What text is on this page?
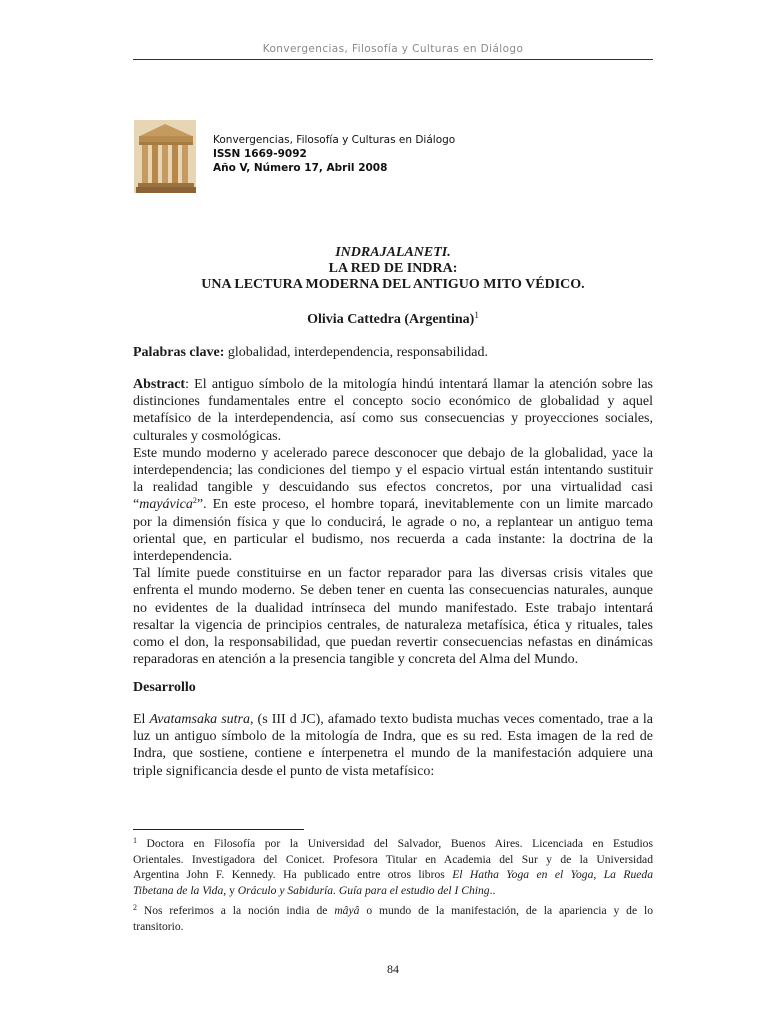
Konvergencias, Filosofía y Culturas en Diálogo
Konvergencias, Filosofía y Culturas en Diálogo
ISSN 1669-9092
Año V, Número 17, Abril 2008
INDRAJALANETI.
LA RED DE INDRA:
UNA LECTURA MODERNA DEL ANTIGUO MITO VÉDICO.
Olivia Cattedra (Argentina)$^1$
Palabras clave: globalidad, interdependencia, responsabilidad.
Abstract: El antiguo símbolo de la mitología hindú intentará llamar la atención sobre las
distinciones fundamentales entre el concepto socio económico de globalidad y aquel
metafísico de la interdependencia, así como sus consecuencias y proyecciones sociales,
culturales y cosmológicas.
Este mundo moderno y acelerado parece desconocer que debajo de la globalidad, yace la
interdependencia; las condiciones del tiempo y el espacio virtual están intentando sustituir
la realidad tangible y descuidando sus efectos concretos, por una virtualidad casi
“mayávica$^2$”. En este proceso, el hombre topará, inevitablemente con un limite marcado
por la dimensión física y que lo conducirá, le agrade o no, a replantear un antiguo tema
oriental que, en particular el budismo, nos recuerda a cada instante: la doctrina de la
interdependencia.
Tal límite puede constituirse en un factor reparador para las diversas crisis vitales que
enfrenta el mundo moderno. Se deben tener en cuenta las consecuencias naturales, aunque
no evidentes de la dualidad intrínseca del mundo manifestado. Este trabajo intentará
resaltar la vigencia de principios centrales, de naturaleza metafísica, ética y rituales, tales
como el don, la responsabilidad, que puedan revertir consecuencias nefastas en dinámicas
reparadoras en atención a la presencia tangible y concreta del Alma del Mundo.
Desarrollo
El Avatamsaka sutra, (s III d JC), afamado texto budista muchas veces comentado, trae a la
luz un antiguo símbolo de la mitología de Indra, que es su red. Esta imagen de la red de
Indra, que sostiene, contiene e ínterpenetra el mundo de la manifestación adquiere una
triple significancia desde el punto de vista metafísico:
$^1$ Doctora en Filosofía por la Universidad del Salvador, Buenos Aires. Licenciada en Estudios
Orientales. Investigadora del Conicet. Profesora Titular en Academia del Sur y de la Universidad
Argentina John F. Kennedy. Ha publicado entre otros libros El Hatha Yoga en el Yoga, La Rueda
Tibetana de la Vida, y Oráculo y Sabiduría. Guía para el estudio del I Ching..
$^2$ Nos referimos a la noción india de mâyâ o mundo de la manifestación, de la apariencia y de lo
transitorio.
84
